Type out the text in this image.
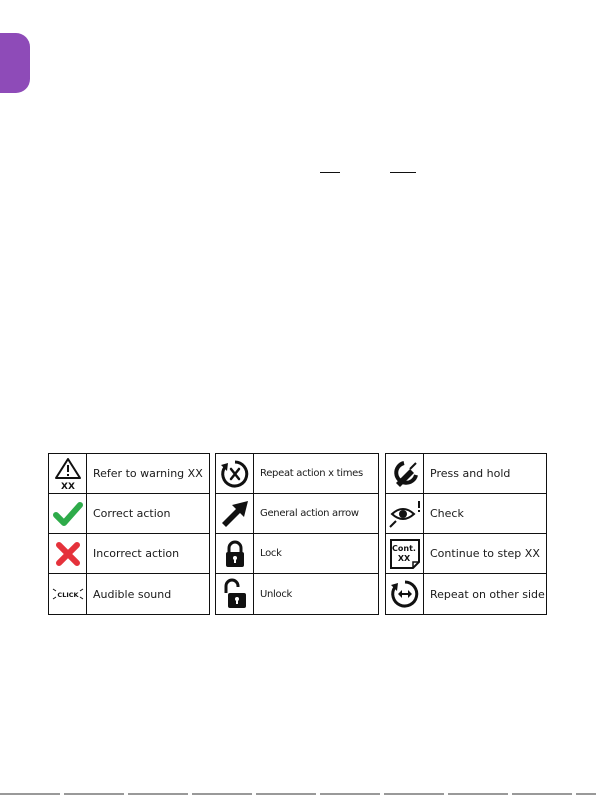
XX
Refer to warning XX
Correct action
Incorrect action
CLICK Audible sound
Repeat action x times
General action arrow
Lock
Unlock
Press and hold
Check
Cont.
XX Continue to step XX
Repeat on other side
